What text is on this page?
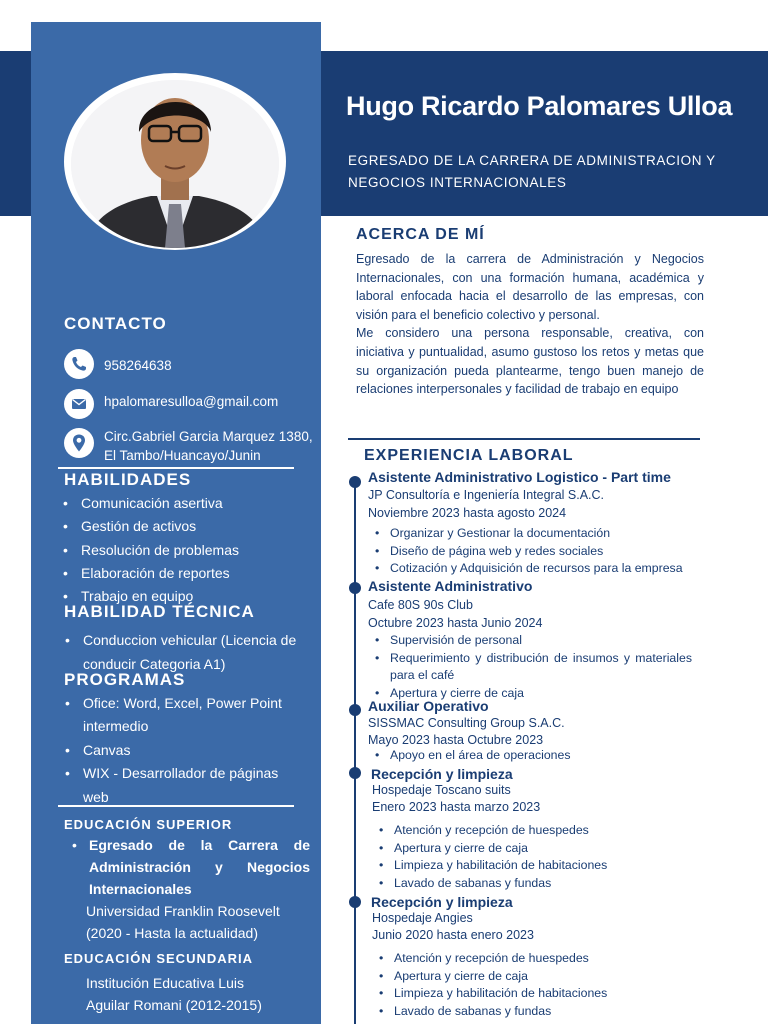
Hugo Ricardo Palomares Ulloa
EGRESADO DE LA CARRERA DE ADMINISTRACION Y NEGOCIOS INTERNACIONALES
CONTACTO
958264638
hpalomaresulloa@gmail.com
Circ.Gabriel Garcia Marquez 1380,
El Tambo/Huancayo/Junin
HABILIDADES
• Comunicación asertiva
• Gestión de activos
• Resolución de problemas
• Elaboración de reportes
• Trabajo en equipo
HABILIDAD TÉCNICA
• Conduccion vehicular (Licencia de
conducir Categoria A1)
PROGRAMAS
• Ofice: Word, Excel, Power Point
intermedio
• Canvas
• WIX - Desarrollador de páginas
web
EDUCACIÓN SUPERIOR
• Egresado de la Carrera de
Administración y Negocios
Internacionales
Universidad Franklin Roosevelt
(2020 - Hasta la actualidad)
EDUCACIÓN SECUNDARIA
Institución Educativa Luis
Aguilar Romani (2012-2015)
ACERCA DE MÍ

Egresado de la carrera de Administración y Negocios Internacionales, con una formación humana, académica y laboral enfocada hacia el desarrollo de las empresas, con visión para el beneficio colectivo y personal.

Me considero una persona responsable, creativa, con iniciativa y puntualidad, asumo gustoso los retos y metas que su organización pueda plantearme, tengo buen manejo de relaciones interpersonales y facilidad de trabajo en equipo

EXPERIENCIA LABORAL
Asistente Administrativo Logistico - Part time
JP Consultoría e Ingeniería Integral S.A.C.
Noviembre 2023 hasta agosto 2024
• Organizar y Gestionar la documentación
• Diseño de página web y redes sociales
• Cotización y Adquisición de recursos para la empresa
Asistente Administrativo
Cafe 80S 90s Club
Octubre 2023 hasta Junio 2024
• Supervisión de personal
• Requerimiento y distribución de insumos y materiales para el café
• Apertura y cierre de caja
Auxiliar Operativo
SISSMAC Consulting Group S.A.C.
Mayo 2023 hasta Octubre 2023
• Apoyo en el área de operaciones
Recepción y limpieza
Hospedaje Toscano suits
Enero 2023 hasta marzo 2023
• Atención y recepción de huespedes
• Apertura y cierre de caja
• Limpieza y habilitación de habitaciones
• Lavado de sabanas y fundas
Recepción y limpieza
Hospedaje Angies
Junio 2020 hasta enero 2023
• Atención y recepción de huespedes
• Apertura y cierre de caja
• Limpieza y habilitación de habitaciones
• Lavado de sabanas y fundas
